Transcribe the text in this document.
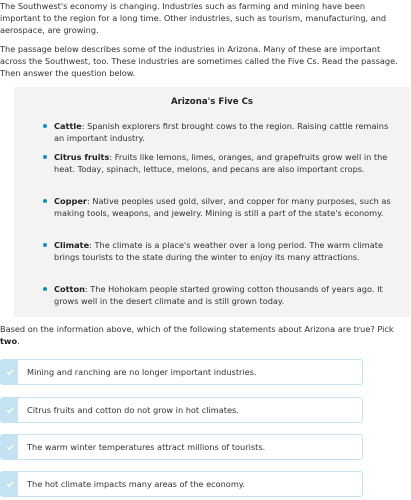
The Southwest's economy is changing. Industries such as farming and mining have been important to the region for a long time. Other industries, such as tourism, manufacturing, and aerospace, are growing.

The passage below describes some of the industries in Arizona. Many of these are important across the Southwest, too. These industries are sometimes called the Five Cs. Read the passage. Then answer the question below.

Arizona's Five Cs

Cattle: Spanish explorers first brought cows to the region. Raising cattle remains an important industry.

Citrus fruits: Fruits like lemons, limes, oranges, and grapefruits grow well in the heat. Today, spinach, lettuce, melons, and pecans are also important crops.

Copper: Native peoples used gold, silver, and copper for many purposes, such as making tools, weapons, and jewelry. Mining is still a part of the state's economy.

Climate: The climate is a place's weather over a long period. The warm climate brings tourists to the state during the winter to enjoy its many attractions.

Cotton: The Hohokam people started growing cotton thousands of years ago. It grows well in the desert climate and is still grown today.

Based on the information above, which of the following statements about Arizona are true? Pick two.

Mining and ranching are no longer important industries.
Citrus fruits and cotton do not grow in hot climates.
The warm winter temperatures attract millions of tourists.
The hot climate impacts many areas of the economy.
